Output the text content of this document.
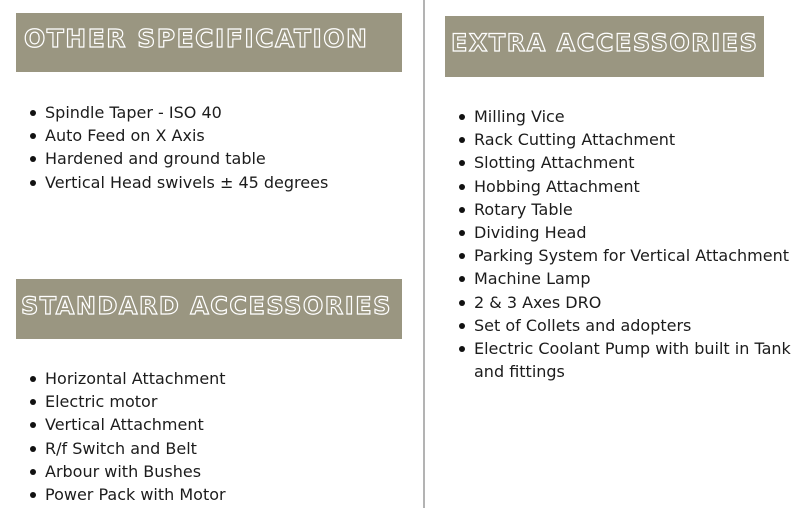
OTHER SPECIFICATION
Spindle Taper - ISO 40
Auto Feed on X Axis
Hardened and ground table
Vertical Head swivels ± 45 degrees
STANDARD ACCESSORIES
Horizontal Attachment
Electric motor
Vertical Attachment
R/f Switch and Belt
Arbour with Bushes
Power Pack with Motor
EXTRA ACCESSORIES
Milling Vice
Rack Cutting Attachment
Slotting Attachment
Hobbing Attachment
Rotary Table
Dividing Head
Parking System for Vertical Attachment
Machine Lamp
2 & 3 Axes DRO
Set of Collets and adopters
Electric Coolant Pump with built in Tank and fittings
